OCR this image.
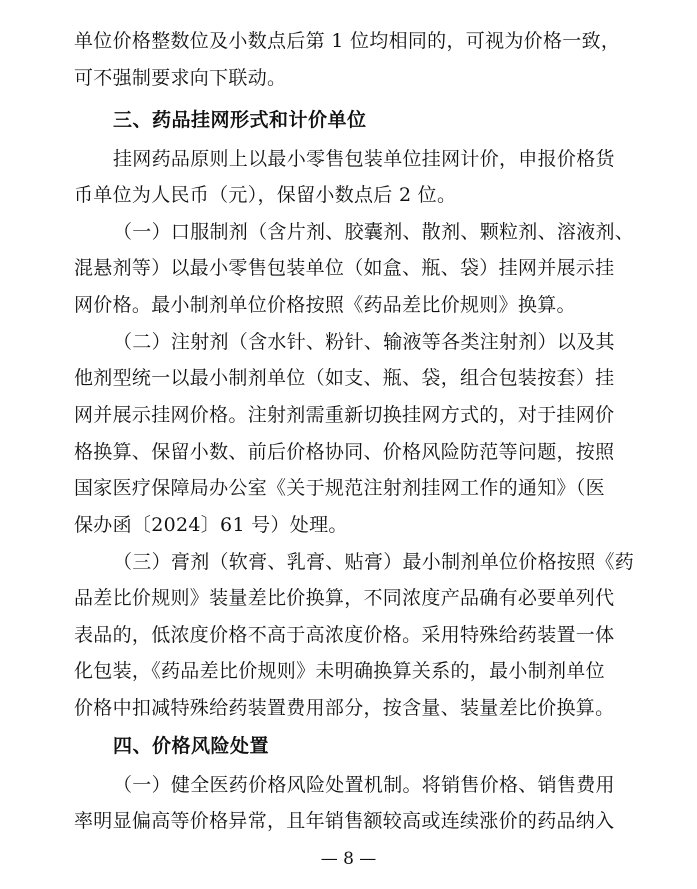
单位价格整数位及小数点后第 1 位均相同的，可视为价格一致，
可不强制要求向下联动。
三、药品挂网形式和计价单位
挂网药品原则上以最小零售包装单位挂网计价，申报价格货
币单位为人民币（元），保留小数点后 2 位。
（一）口服制剂（含片剂、胶囊剂、散剂、颗粒剂、溶液剂、
混悬剂等）以最小零售包装单位（如盒、瓶、袋）挂网并展示挂
网价格。最小制剂单位价格按照《药品差比价规则》换算。
（二）注射剂（含水针、粉针、输液等各类注射剂）以及其
他剂型统一以最小制剂单位（如支、瓶、袋，组合包装按套）挂
网并展示挂网价格。注射剂需重新切换挂网方式的，对于挂网价
格换算、保留小数、前后价格协同、价格风险防范等问题，按照
国家医疗保障局办公室《关于规范注射剂挂网工作的通知》（医
保办函〔2024〕61 号）处理。
（三）膏剂（软膏、乳膏、贴膏）最小制剂单位价格按照《药
品差比价规则》装量差比价换算，不同浓度产品确有必要单列代
表品的，低浓度价格不高于高浓度价格。采用特殊给药装置一体
化包装，《药品差比价规则》未明确换算关系的，最小制剂单位
价格中扣减特殊给药装置费用部分，按含量、装量差比价换算。
四、价格风险处置
（一）健全医药价格风险处置机制。将销售价格、销售费用
率明显偏高等价格异常，且年销售额较高或连续涨价的药品纳入
— 8 —
